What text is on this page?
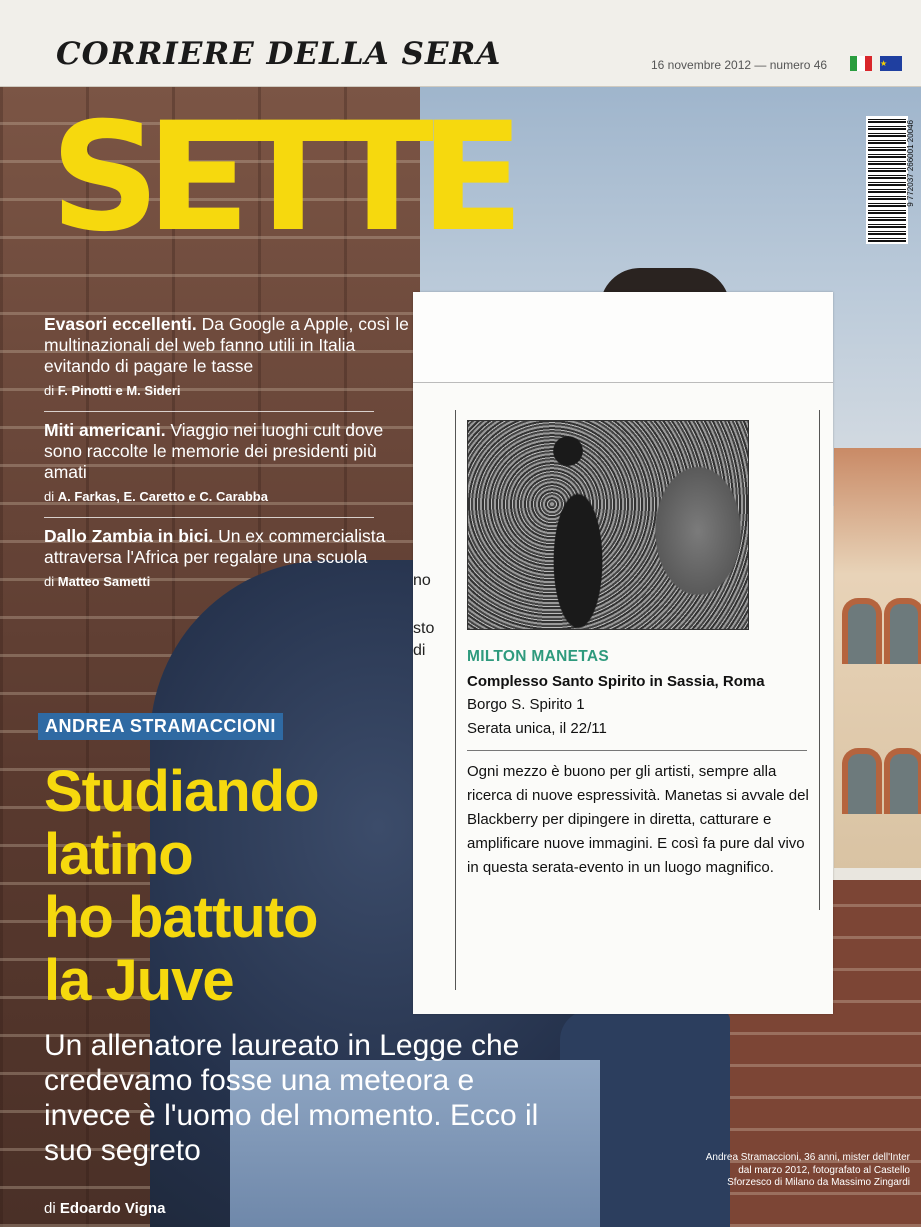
CORRIERE DELLA SERA	16 novembre 2012 — numero 46	★
SETTE	9 772037 266001 20046
Evasori eccellenti. Da Google a Apple, così le multinazionali del web fanno utili in Italia evitando di pagare le tasse
di F. Pinotti e M. Sideri
Miti americani. Viaggio nei luoghi cult dove sono raccolte le memorie dei presidenti più amati
di A. Farkas, E. Caretto e C. Carabba
Dallo Zambia in bici. Un ex commercialista attraversa l'Africa per regalare una scuola
di Matteo Sametti
ANDREA STRAMACCIONI
Studiando
latino
ho battuto
la Juve
Un allenatore laureato in Legge che credevamo fosse una meteora e invece è l'uomo del momento. Ecco il suo segreto
di Edoardo Vigna
Andrea Stramaccioni, 36 anni, mister dell'Inter dal marzo 2012, fotografato al Castello Sforzesco di Milano da Massimo Zingardi
no
sto
di	MILTON MANETAS
Complesso Santo Spirito in Sassia, Roma
Borgo S. Spirito 1
Serata unica, il 22/11
Ogni mezzo è buono per gli artisti, sempre alla ricerca di nuove espressività. Manetas si avvale del Blackberry per dipingere in diretta, catturare e amplificare nuove immagini. E così fa pure dal vivo in questa serata-evento in un luogo magnifico.
